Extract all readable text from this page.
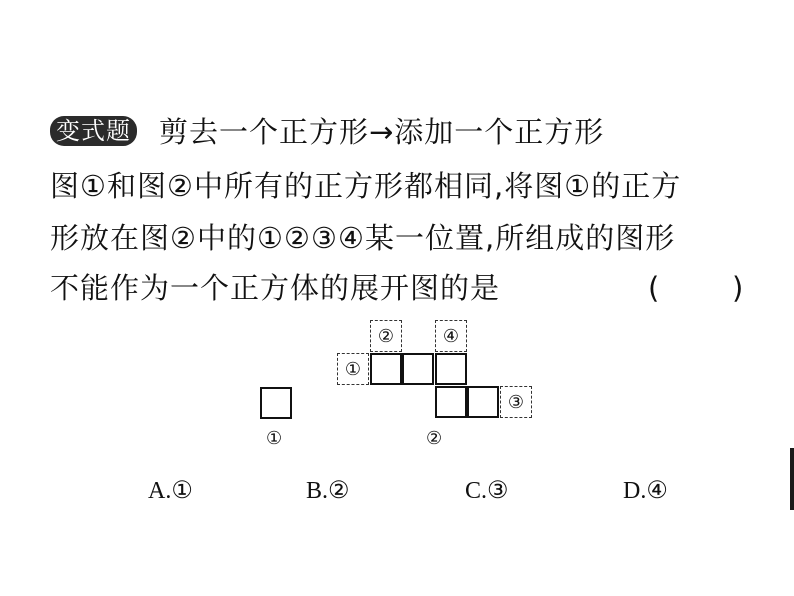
变式题 剪去一个正方形→添加一个正方形
图①和图②中所有的正方形都相同,将图①的正方
形放在图②中的①②③④某一位置,所组成的图形
不能作为一个正方体的展开图的是	(	)
①
②	④
①
③
②
A.①	B.②	C.③	D.④
